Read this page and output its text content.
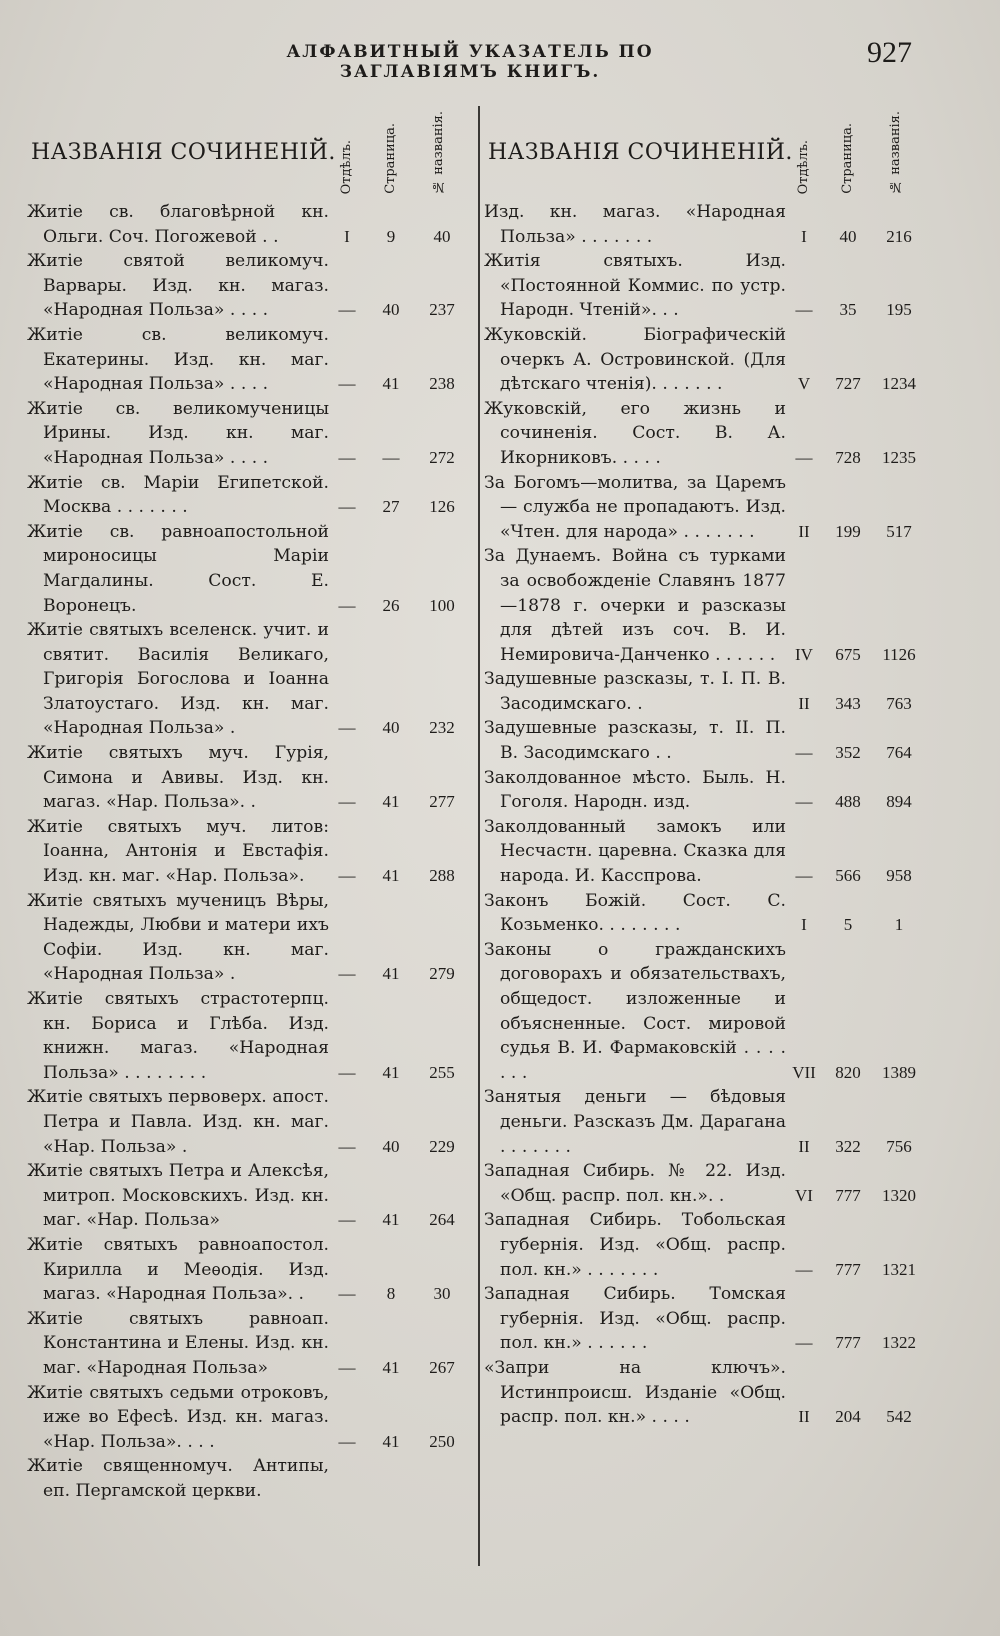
АЛФАВИТНЫЙ УКАЗАТЕЛЬ ПО ЗАГЛАВІЯМЪ КНИГЪ.
927
НАЗВАНІЯ СОЧИНЕНІЙ. Отдѣлъ. Страница.	№ названія.
Житіе св. благовѣрной кн. Ольги. Соч. Погожевой . .	I	9	40
Житіе святой великомуч. Варвары. Изд. кн. магаз. «Народная Польза» . . . .	—	40	237
Житіе св. великомуч. Екатерины. Изд. кн. маг. «Народная Польза» . . . .	—	41	238
Житіе св. великомученицы Ирины. Изд. кн. маг. «Народная Польза» . . . .	—	—	272
Житіе св. Маріи Египетской. Москва . . . . . . .	—	27	126
Житіе св. равноапостольной мироносицы Маріи Магдалины. Сост. Е. Воронецъ.	—	26	100
Житіе святыхъ вселенск. учит. и святит. Василія Великаго, Григорія Богослова и Іоанна Златоустаго. Изд. кн. маг. «Народная Польза» .	—	40	232
Житіе святыхъ муч. Гурія, Симона и Авивы. Изд. кн. магаз. «Нар. Польза». .	—	41	277
Житіе святыхъ муч. литов: Іоанна, Антонія и Евстафія. Изд. кн. маг. «Нар. Польза».	—	41	288
Житіе святыхъ мученицъ Вѣры, Надежды, Любви и матери ихъ Софіи. Изд. кн. маг. «Народная Польза» .	—	41	279
Житіе святыхъ страстотерпц. кн. Бориса и Глѣба. Изд. книжн. магаз. «Народная Польза» . . . . . . . .	—	41	255
Житіе святыхъ первоверх. апост. Петра и Павла. Изд. кн. маг. «Нар. Польза» .	—	40	229
Житіе святыхъ Петра и Алексѣя, митроп. Московскихъ. Изд. кн. маг. «Нар. Польза»	—	41	264
Житіе святыхъ равноапостол. Кирилла и Меѳодія. Изд. магаз. «Народная Польза». .	—	8	30
Житіе святыхъ равноап. Константина и Елены. Изд. кн. маг. «Народная Польза»	—	41	267
Житіе святыхъ седьми отроковъ, иже во Ефесѣ. Изд. кн. магаз. «Нар. Польза». . . .	—	41	250
Житіе священномуч. Антипы, еп. Пергамской церкви.
НАЗВАНІЯ СОЧИНЕНІЙ. Отдѣлъ. Страница.	№ названія.
Изд. кн. магаз. «Народная Польза» . . . . . . .	I	40	216
Житія святыхъ. Изд. «Постоянной Коммис. по устр. Народн. Чтеній». . .	—	35	195
Жуковскій. Біографическій очеркъ А. Островинской. (Для дѣтскаго чтенія). . . . . . .	V	727	1234
Жуковскій, его жизнь и сочиненія. Сост. В. А. Икорниковъ. . . . .	—	728	1235
За Богомъ—молитва, за Царемъ — служба не пропадаютъ. Изд. «Чтен. для народа» . . . . . . .	II	199	517
За Дунаемъ. Война съ турками за освобожденіе Славянъ 1877—1878 г. очерки и разсказы для дѣтей изъ соч. В. И. Немировича-Данченко . . . . . .	IV	675	1126
Задушевные разсказы, т. I. П. В. Засодимскаго. .	II	343	763
Задушевные разсказы, т. II. П. В. Засодимскаго . .	—	352	764
Заколдованное мѣсто. Быль. Н. Гоголя. Народн. изд.	—	488	894
Заколдованный замокъ или Несчастн. царевна. Сказка для народа. И. Касспрова.	—	566	958
Законъ Божій. Сост. С. Козьменко. . . . . . . .	I	5	1
Законы о гражданскихъ договорахъ и обязательствахъ, общедост. изложенные и объясненные. Сост. мировой судья В. И. Фармаковскій . . . . . . .	VII	820	1389
Занятыя деньги — бѣдовыя деньги. Разсказъ Дм. Дарагана . . . . . . .	II	322	756
Западная Сибирь. № 22. Изд. «Общ. распр. пол. кн.». .	VI	777	1320
Западная Сибирь. Тобольская губернія. Изд. «Общ. распр. пол. кн.» . . . . . . .	—	777	1321
Западная Сибирь. Томская губернія. Изд. «Общ. распр. пол. кн.» . . . . . .	—	777	1322
«Запри на ключъ». Истинпроисш. Изданіе «Общ. распр. пол. кн.» . . . .	II	204	542
